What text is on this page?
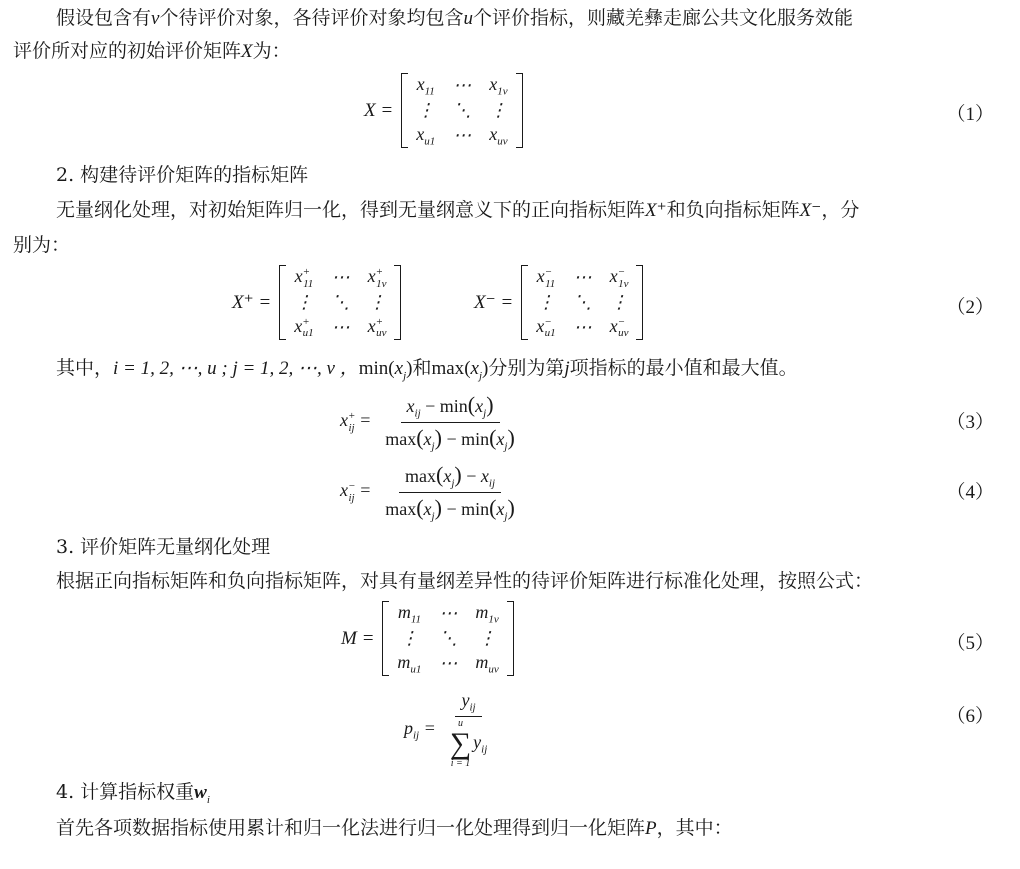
假设包含有v个待评价对象，各待评价对象均包含u个评价指标，则藏羌彝走廊公共文化服务效能
评价所对应的初始评价矩阵X为：
X =
$x_{11}$	⋯	$x_{1v}$
⋮	⋱	⋮
$x_{u1}$	⋯	$x_{uv}$
（1）
2. 构建待评价矩阵的指标矩阵
无量纲化处理，对初始矩阵归一化，得到无量纲意义下的正向指标矩阵X⁺和负向指标矩阵X⁻，分
别为：
X⁺ =
$x^+_{11}$	⋯	$x^+_{1v}$
⋮	⋱	⋮
$x^+_{u1}$	⋯	$x^+_{uv}$
X⁻ =
$x^-_{11}$	⋯	$x^-_{1v}$
⋮	⋱	⋮
$x^-_{u1}$	⋯	$x^-_{uv}$
（2）
其中，i = 1, 2, ⋯, u ; j = 1, 2, ⋯, v ，$\min(x_j)$和$\max(x_j)$分别为第j项指标的最小值和最大值。
$x^+_{ij} = \frac{x_{ij} - \min(x_j)}{\max(x_j) - \min(x_j)}$	（3）
$x^-_{ij} = \frac{\max(x_j) - x_{ij}}{\max(x_j) - \min(x_j)}$	（4）
3. 评价矩阵无量纲化处理
根据正向指标矩阵和负向指标矩阵，对具有量纲差异性的待评价矩阵进行标准化处理，按照公式：
M =
$m_{11}$	⋯	$m_{1v}$
⋮	⋱	⋮
$m_{u1}$	⋯	$m_{uv}$
（5）
$p_{ij} = y_{ij}$
u
∑
i = 1
$y_{ij}$	（6）
4. 计算指标权重$w_i$
首先各项数据指标使用累计和归一化法进行归一化处理得到归一化矩阵P，其中：
